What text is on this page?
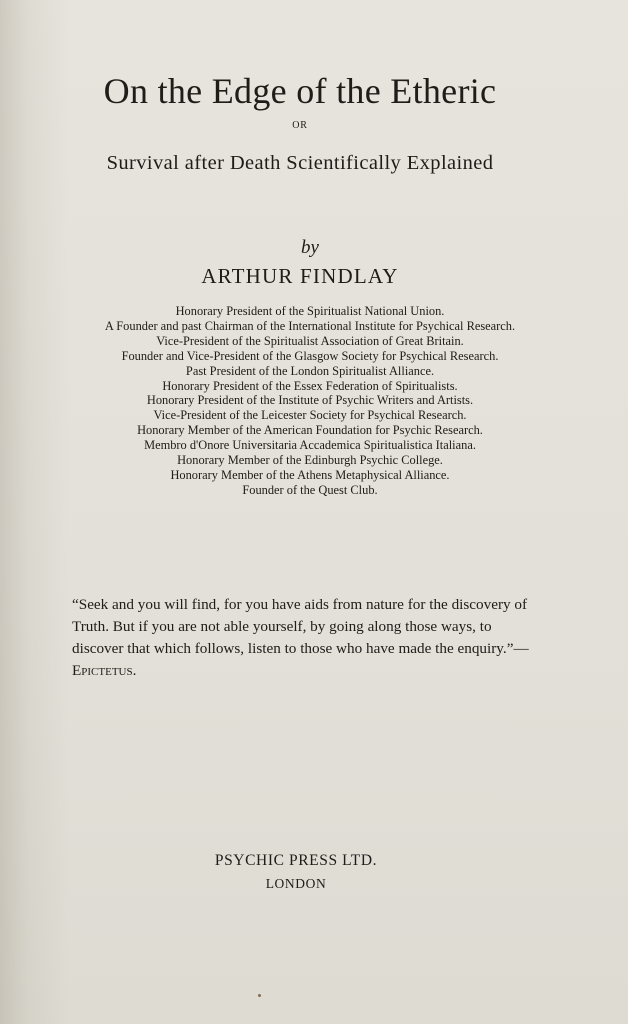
On the Edge of the Etheric
OR
Survival after Death Scientifically Explained
by
ARTHUR FINDLAY
Honorary President of the Spiritualist National Union.
A Founder and past Chairman of the International Institute for Psychical Research.
Vice-President of the Spiritualist Association of Great Britain.
Founder and Vice-President of the Glasgow Society for Psychical Research.
Past President of the London Spiritualist Alliance.
Honorary President of the Essex Federation of Spiritualists.
Honorary President of the Institute of Psychic Writers and Artists.
Vice-President of the Leicester Society for Psychical Research.
Honorary Member of the American Foundation for Psychic Research.
Membro d'Onore Universitaria Accademica Spiritualistica Italiana.
Honorary Member of the Edinburgh Psychic College.
Honorary Member of the Athens Metaphysical Alliance.
Founder of the Quest Club.

“Seek and you will find, for you have aids from nature for the discovery of Truth. But if you are not able yourself, by going along those ways, to discover that which follows, listen to those who have made the enquiry.”—Epictetus.

PSYCHIC PRESS LTD.
LONDON
